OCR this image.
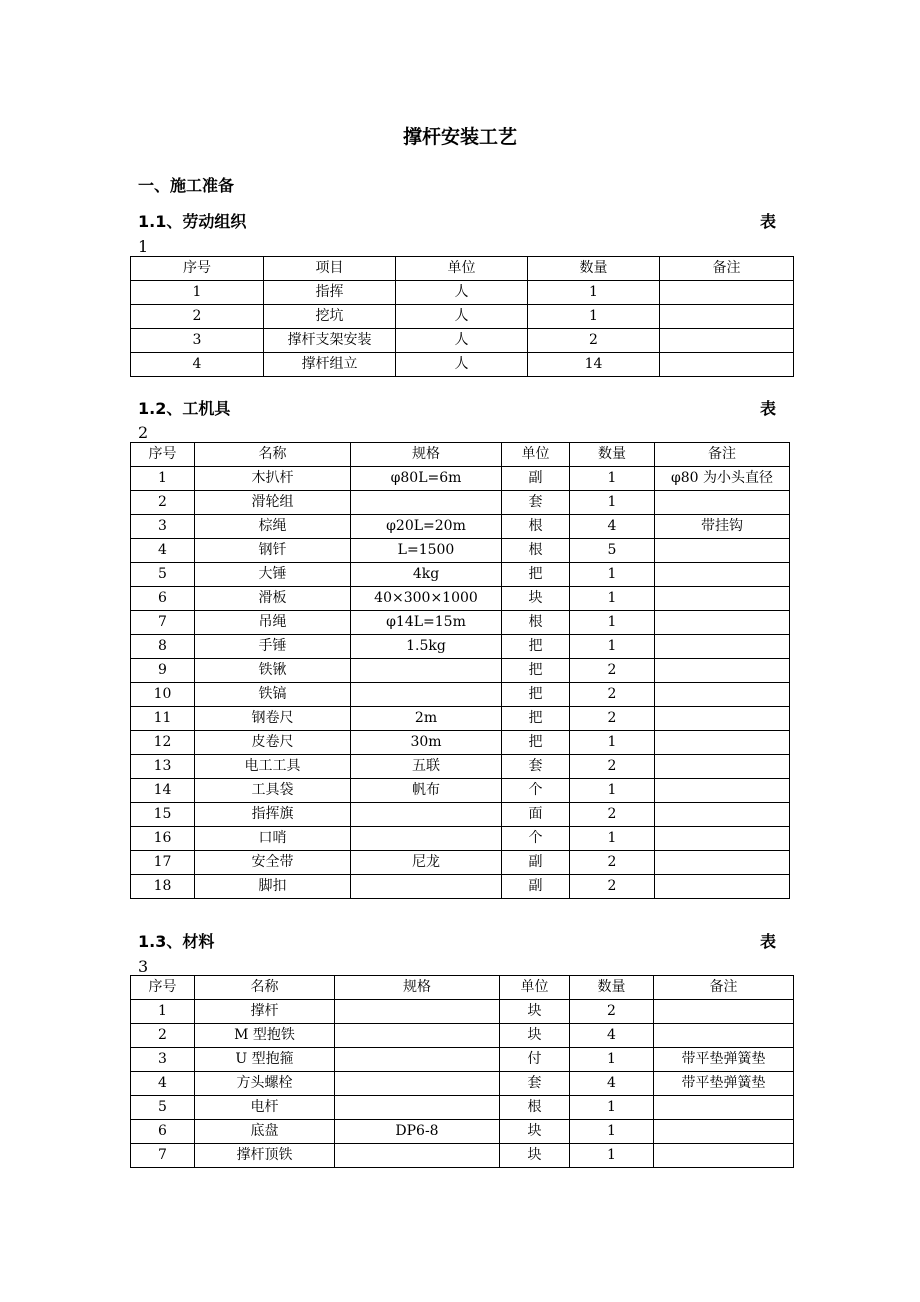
撑杆安装工艺
一、施工准备
1.1、劳动组织	表
1
序号	项目	单位	数量	备注
1	指挥	人	1	
2	挖坑	人	1	
3	撑杆支架安装	人	2	
4	撑杆组立	人	14	
1.2、工机具	表
2
序号	名称	规格	单位	数量	备注
1	木扒杆	φ80L=6m	副	1	φ80 为小头直径
2	滑轮组		套	1	
3	棕绳	φ20L=20m	根	4	带挂钩
4	钢钎	L=1500	根	5	
5	大锤	4kg	把	1	
6	滑板	40×300×1000	块	1	
7	吊绳	φ14L=15m	根	1	
8	手锤	1.5kg	把	1	
9	铁锹		把	2	
10	铁镐		把	2	
11	钢卷尺	2m	把	2	
12	皮卷尺	30m	把	1	
13	电工工具	五联	套	2	
14	工具袋	帆布	个	1	
15	指挥旗		面	2	
16	口哨		个	1	
17	安全带	尼龙	副	2	
18	脚扣		副	2	
1.3、材料	表
3
序号	名称	规格	单位	数量	备注
1	撑杆		块	2	
2	M 型抱铁		块	4	
3	U 型抱箍		付	1	带平垫弹簧垫
4	方头螺栓		套	4	带平垫弹簧垫
5	电杆		根	1	
6	底盘	DP6-8	块	1	
7	撑杆顶铁		块	1	
